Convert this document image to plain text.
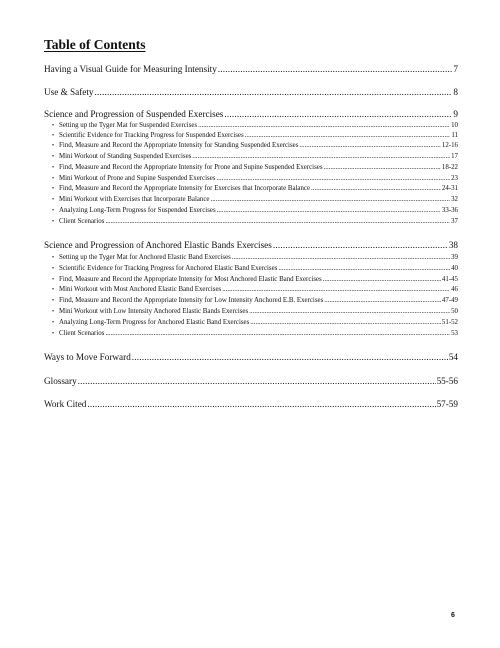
Table of Contents
Having a Visual Guide for Measuring Intensity .....	7
Use & Safety .....	8
Science and Progression of Suspended Exercises .....	9
• Setting up the Tyger Mat for Suspended Exercises .....	10
• Scientific Evidence for Tracking Progress for Suspended Exercises .....	11
• Find, Measure and Record the Appropriate Intensity for Standing Suspended Exercises .....	12-16
• Mini Workout of Standing Suspended Exercises .....	17
• Find, Measure and Record the Appropriate Intensity for Prone and Supine Suspended Exercises .....	18-22
• Mini Workout of Prone and Supine Suspended Exercises .....	23
• Find, Measure and Record the Appropriate Intensity for Exercises that Incorporate Balance .....	24-31
• Mini Workout with Exercises that Incorporate Balance .....	32
• Analyzing Long-Term Progress for Suspended Exercises .....	33-36
• Client Scenarios .....	37
Science and Progression of Anchored Elastic Bands Exercises .....	38
• Setting up the Tyger Mat for Anchored Elastic Band Exercises .....	39
• Scientific Evidence for Tracking Progress for Anchored Elastic Band Exercises .....	40
• Find, Measure and Record the Appropriate Intensity for Most Anchored Elastic Band Exercises .....	41-45
• Mini Workout with Most Anchored Elastic Band Exercises .....	46
• Find, Measure and Record the Appropriate Intensity for Low Intensity Anchored E.B. Exercises .....	47-49
• Mini Workout with Low Intensity Anchored Elastic Bands Exercises .....	50
• Analyzing Long-Term Progress for Anchored Elastic Band Exercises .....	51-52
• Client Scenarios .....	53
Ways to Move Forward .....	54
Glossary .....	55-56
Work Cited .....	57-59
6
